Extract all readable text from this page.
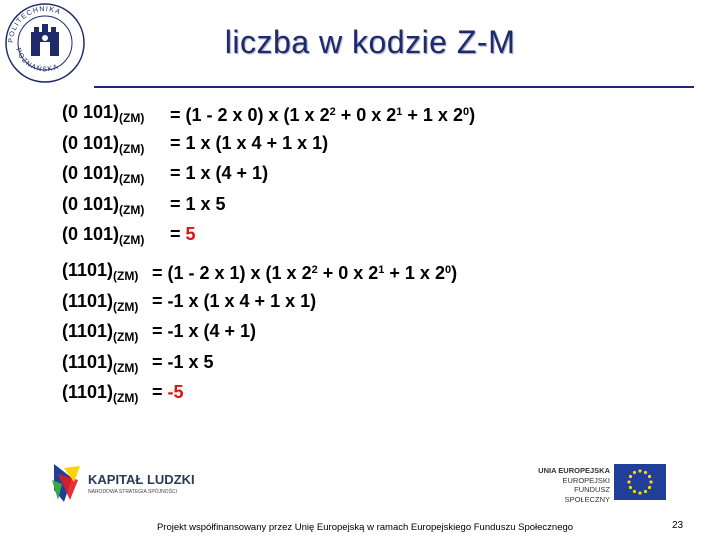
POLITECHNIKA
POZNAŃSKA
liczba w kodzie Z-M
(0 $101)_{(ZM)}$	= (1 - 2 x 0) x (1 x $2^2 + 0$ x $2^1 + 1$ x $2^0$)
(0 $101)_{(ZM)}$	= 1 x (1 x 4 + 1 x 1)
(0 $101)_{(ZM)}$	= 1 x (4 + 1)
(0 $101)_{(ZM)}$	= 1 x 5
(0 $101)_{(ZM)}$	= 5
$(1101)_{(ZM)} = (1 - 2$ x 1) x (1 x $2^2 + 0$ x $2^1 + 1$ x $2^0$)
$(1101)_{(ZM)} = -1$ x (1 x 4 + 1 x 1)
$(1101)_{(ZM)} = -1$ x (4 + 1)
$(1101)_{(ZM)} = -1$ x 5
$(1101)_{(ZM)} = -5$
KAPITAŁ LUDZKI
NARODOWA STRATEGIA SPÓJNOŚCI
UNIA EUROPEJSKA
EUROPEJSKI
FUNDUSZ SPOŁECZNY
Projekt współfinansowany przez Unię Europejską w ramach Europejskiego Funduszu Społecznego	23
